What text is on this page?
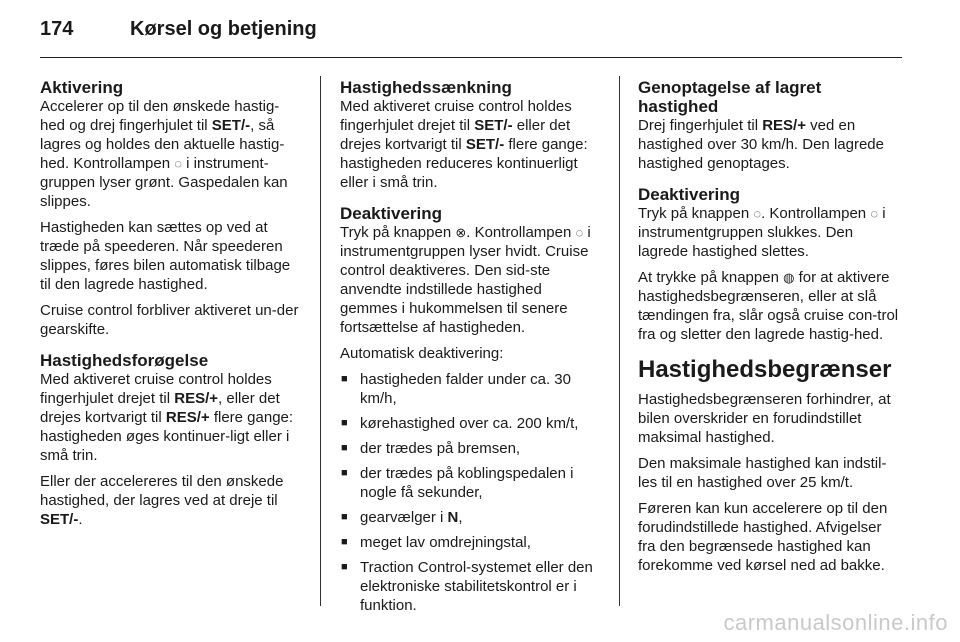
174	Kørsel og betjening
Aktivering

Accelerer op til den ønskede hastig‐hed og drej fingerhjulet til SET/-, så lagres og holdes den aktuelle hastig‐hed. Kontrollampen ◌ i instrument‐gruppen lyser grønt. Gaspedalen kan slippes.

Hastigheden kan sættes op ved at træde på speederen. Når speederen slippes, føres bilen automatisk tilbage til den lagrede hastighed.

Cruise control forbliver aktiveret un‐der gearskifte.

Hastighedsforøgelse

Med aktiveret cruise control holdes fingerhjulet drejet til RES/+, eller det drejes kortvarigt til RES/+ flere gange: hastigheden øges kontinuer‐ligt eller i små trin.

Eller der accelereres til den ønskede hastighed, der lagres ved at dreje til SET/-.

Hastighedssænkning

Med aktiveret cruise control holdes fingerhjulet drejet til SET/- eller det drejes kortvarigt til SET/- flere gange: hastigheden reduceres kontinuerligt eller i små trin.

Deaktivering

Tryk på knappen ⊗. Kontrollampen ◌ i instrumentgruppen lyser hvidt. Cruise control deaktiveres. Den sid‐ste anvendte indstillede hastighed gemmes i hukommelsen til senere fortsættelse af hastigheden.

Automatisk deaktivering:

■ hastigheden falder under ca. 30 km/h,
■ kørehastighed over ca. 200 km/t,
■ der trædes på bremsen,
■ der trædes på koblingspedalen i nogle få sekunder,
■ gearvælger i N,
■ meget lav omdrejningstal,
■ Traction Control-systemet eller den elektroniske stabilitetskontrol er i funktion.
Genoptagelse af lagret hastighed

Drej fingerhjulet til RES/+ ved en hastighed over 30 km/h. Den lagrede hastighed genoptages.

Deaktivering

Tryk på knappen ◌. Kontrollampen ◌ i instrumentgruppen slukkes. Den lagrede hastighed slettes.

At trykke på knappen ◍ for at aktivere hastighedsbegrænseren, eller at slå tændingen fra, slår også cruise con‐trol fra og sletter den lagrede hastig‐hed.

Hastighedsbegrænser

Hastighedsbegrænseren forhindrer, at bilen overskrider en forudindstillet maksimal hastighed.

Den maksimale hastighed kan indstil‐les til en hastighed over 25 km/t.

Føreren kan kun accelerere op til den forudindstillede hastighed. Afvigelser fra den begrænsede hastighed kan forekomme ved kørsel ned ad bakke.

carmanualsonline.info
